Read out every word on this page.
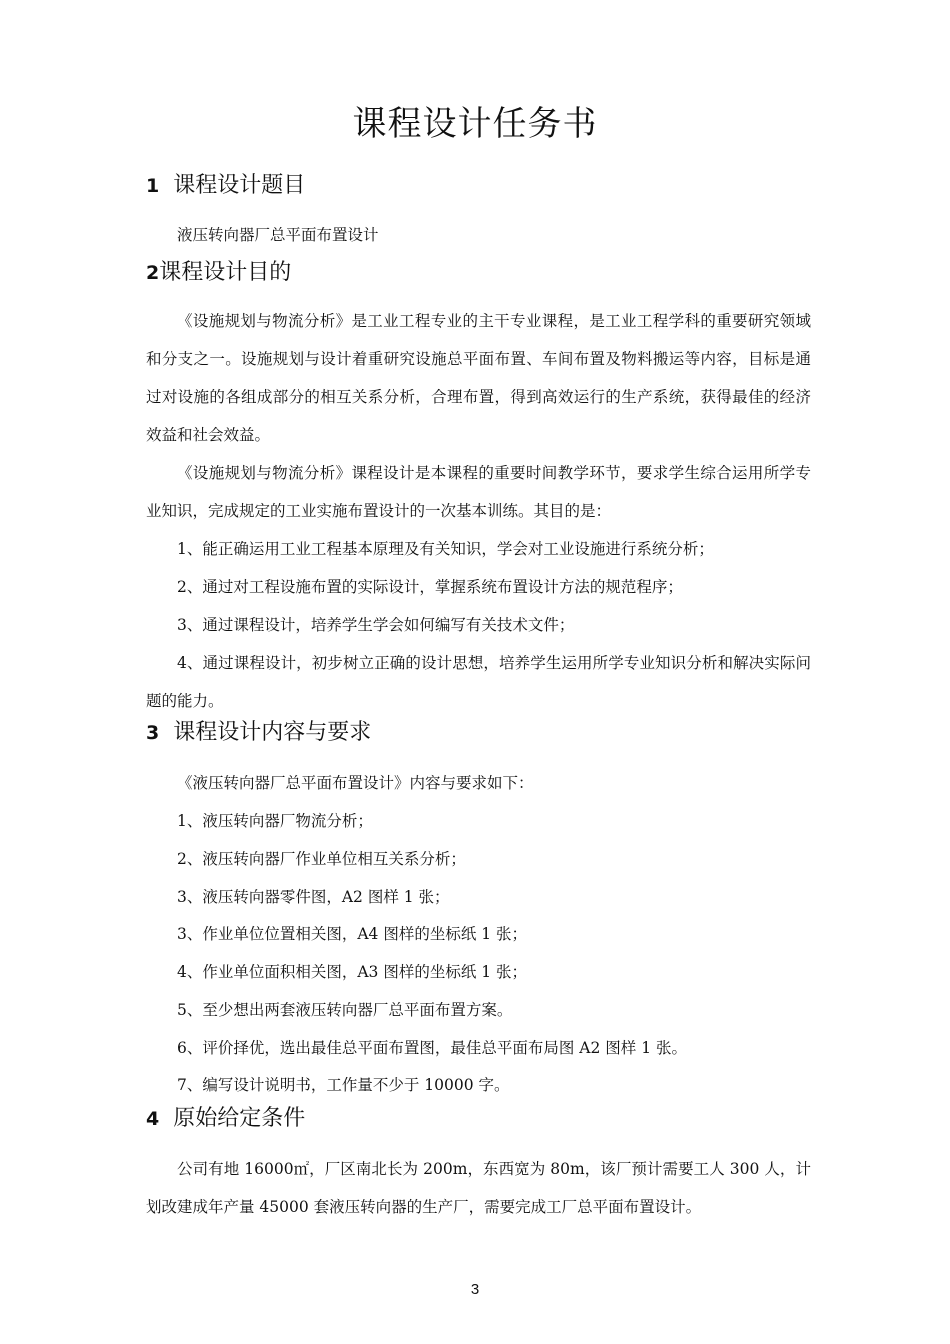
课程设计任务书
1 课程设计题目
液压转向器厂总平面布置设计
2课程设计目的
《设施规划与物流分析》是工业工程专业的主干专业课程，是工业工程学科的重要研究领域和分支之一。设施规划与设计着重研究设施总平面布置、车间布置及物料搬运等内容，目标是通过对设施的各组成部分的相互关系分析，合理布置，得到高效运行的生产系统，获得最佳的经济效益和社会效益。
《设施规划与物流分析》课程设计是本课程的重要时间教学环节，要求学生综合运用所学专业知识，完成规定的工业实施布置设计的一次基本训练。其目的是：
1、能正确运用工业工程基本原理及有关知识，学会对工业设施进行系统分析；
2、通过对工程设施布置的实际设计，掌握系统布置设计方法的规范程序；
3、通过课程设计，培养学生学会如何编写有关技术文件；
4、通过课程设计，初步树立正确的设计思想，培养学生运用所学专业知识分析和解决实际问题的能力。
3 课程设计内容与要求
《液压转向器厂总平面布置设计》内容与要求如下：
1、液压转向器厂物流分析；
2、液压转向器厂作业单位相互关系分析；
3、液压转向器零件图，A2 图样 1 张；
3、作业单位位置相关图，A4 图样的坐标纸 1 张；
4、作业单位面积相关图，A3 图样的坐标纸 1 张；
5、至少想出两套液压转向器厂总平面布置方案。
6、评价择优，选出最佳总平面布置图，最佳总平面布局图 A2 图样 1 张。
7、编写设计说明书，工作量不少于 10000 字。
4 原始给定条件
公司有地 16000㎡，厂区南北长为 200m，东西宽为 80m，该厂预计需要工人 300 人，计划改建成年产量 45000 套液压转向器的生产厂，需要完成工厂总平面布置设计。
3
